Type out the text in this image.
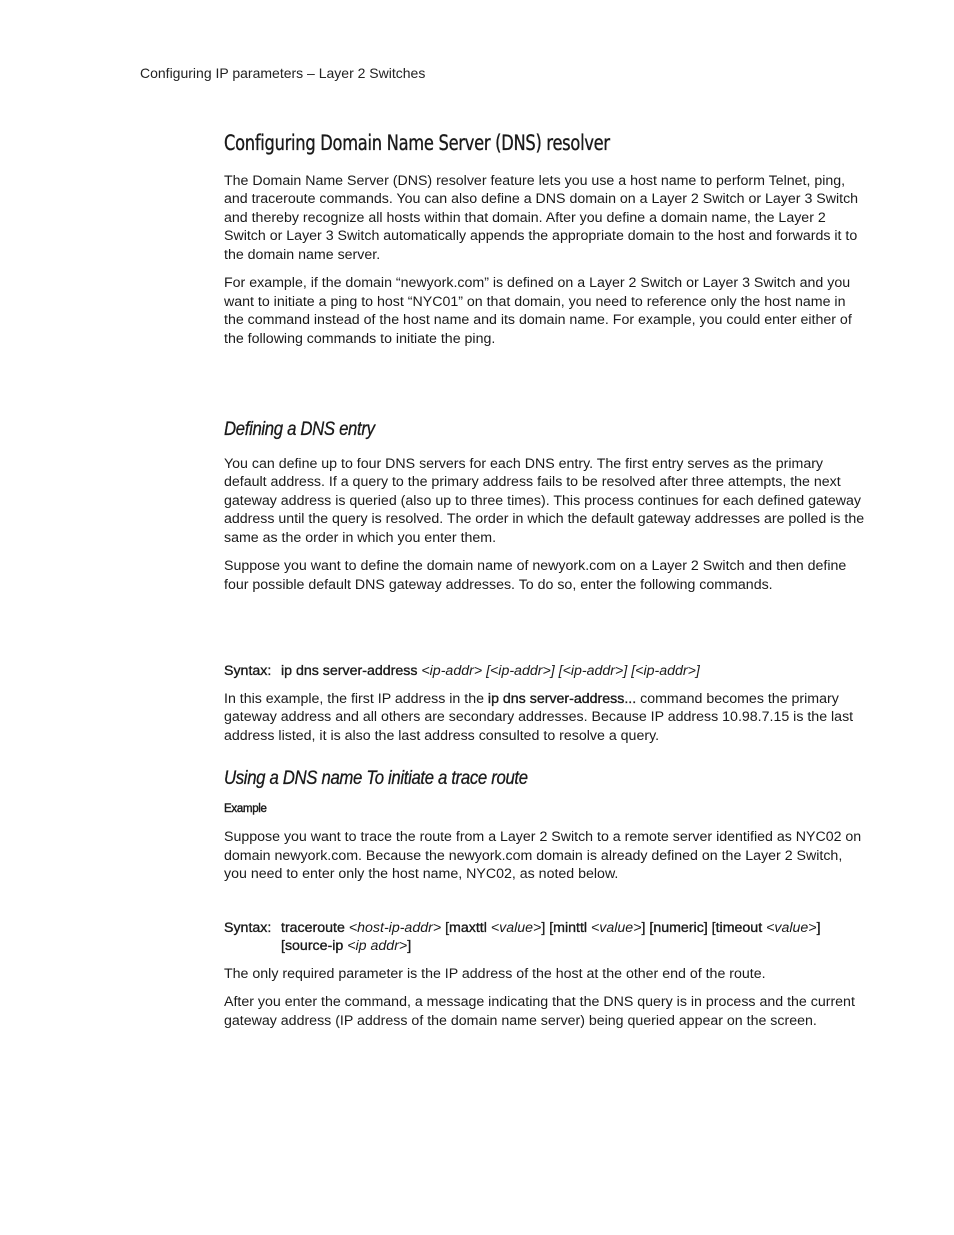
Configuring IP parameters – Layer 2 Switches
Configuring Domain Name Server (DNS) resolver

The Domain Name Server (DNS) resolver feature lets you use a host name to perform Telnet, ping, and traceroute commands. You can also define a DNS domain on a Layer 2 Switch or Layer 3 Switch and thereby recognize all hosts within that domain. After you define a domain name, the Layer 2 Switch or Layer 3 Switch automatically appends the appropriate domain to the host and forwards it to the domain name server.

For example, if the domain “newyork.com” is defined on a Layer 2 Switch or Layer 3 Switch and you want to initiate a ping to host “NYC01” on that domain, you need to reference only the host name in the command instead of the host name and its domain name. For example, you could enter either of the following commands to initiate the ping.

Defining a DNS entry

You can define up to four DNS servers for each DNS entry. The first entry serves as the primary default address. If a query to the primary address fails to be resolved after three attempts, the next gateway address is queried (also up to three times). This process continues for each defined gateway address until the query is resolved. The order in which the default gateway addresses are polled is the same as the order in which you enter them.

Suppose you want to define the domain name of newyork.com on a Layer 2 Switch and then define four possible default DNS gateway addresses. To do so, enter the following commands.

Syntax: ip dns server-address <ip-addr> [<ip-addr>] [<ip-addr>] [<ip-addr>]

In this example, the first IP address in the ip dns server-address... command becomes the primary gateway address and all others are secondary addresses. Because IP address 10.98.7.15 is the last address listed, it is also the last address consulted to resolve a query.

Using a DNS name To initiate a trace route
Example

Suppose you want to trace the route from a Layer 2 Switch to a remote server identified as NYC02 on domain newyork.com. Because the newyork.com domain is already defined on the Layer 2 Switch, you need to enter only the host name, NYC02, as noted below.

Syntax: traceroute <host-ip-addr> [maxttl <value>] [minttl <value>] [numeric] [timeout <value>]
[source-ip <ip addr>]

The only required parameter is the IP address of the host at the other end of the route.

After you enter the command, a message indicating that the DNS query is in process and the current gateway address (IP address of the domain name server) being queried appear on the screen.
